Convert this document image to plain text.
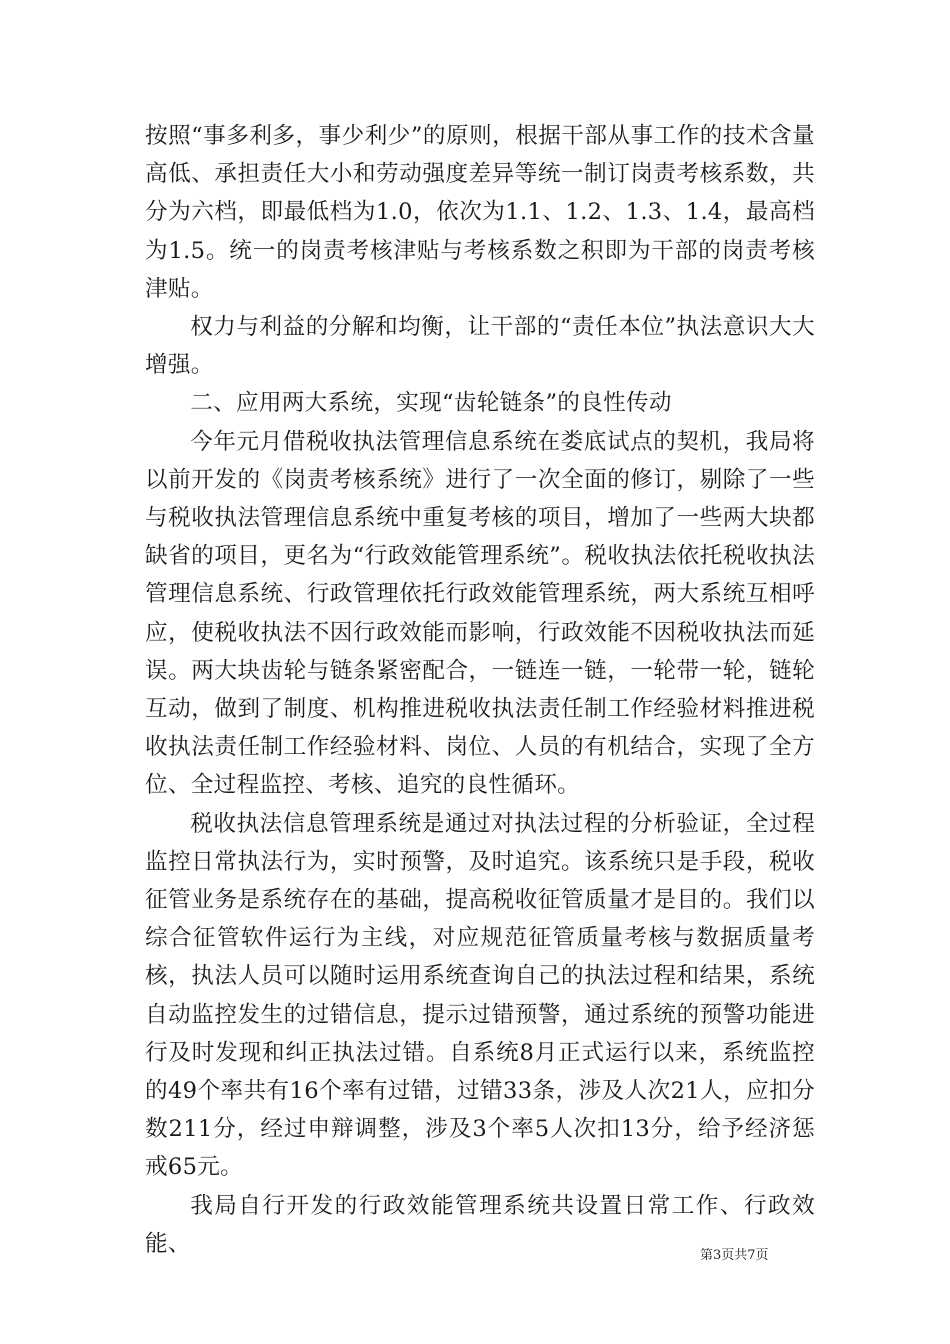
按照“事多利多，事少利少”的原则，根据干部从事工作的技术含量高低、承担责任大小和劳动强度差异等统一制订岗责考核系数，共分为六档，即最低档为1.0，依次为1.1、1.2、1.3、1.4，最高档为1.5。统一的岗责考核津贴与考核系数之积即为干部的岗责考核津贴。

权力与利益的分解和均衡，让干部的“责任本位”执法意识大大增强。

二、应用两大系统，实现“齿轮链条”的良性传动

今年元月借税收执法管理信息系统在娄底试点的契机，我局将以前开发的《岗责考核系统》进行了一次全面的修订，剔除了一些与税收执法管理信息系统中重复考核的项目，增加了一些两大块都缺省的项目，更名为“行政效能管理系统”。税收执法依托税收执法管理信息系统、行政管理依托行政效能管理系统，两大系统互相呼应，使税收执法不因行政效能而影响，行政效能不因税收执法而延误。两大块齿轮与链条紧密配合，一链连一链，一轮带一轮，链轮互动，做到了制度、机构推进税收执法责任制工作经验材料推进税收执法责任制工作经验材料、岗位、人员的有机结合，实现了全方位、全过程监控、考核、追究的良性循环。

税收执法信息管理系统是通过对执法过程的分析验证，全过程监控日常执法行为，实时预警，及时追究。该系统只是手段，税收征管业务是系统存在的基础，提高税收征管质量才是目的。我们以综合征管软件运行为主线，对应规范征管质量考核与数据质量考核，执法人员可以随时运用系统查询自己的执法过程和结果，系统自动监控发生的过错信息，提示过错预警，通过系统的预警功能进行及时发现和纠正执法过错。自系统8月正式运行以来，系统监控的49个率共有16个率有过错，过错33条，涉及人次21人，应扣分数211分，经过申辩调整，涉及3个率5人次扣13分，给予经济惩戒65元。

我局自行开发的行政效能管理系统共设置日常工作、行政效能、	第3页共7页
